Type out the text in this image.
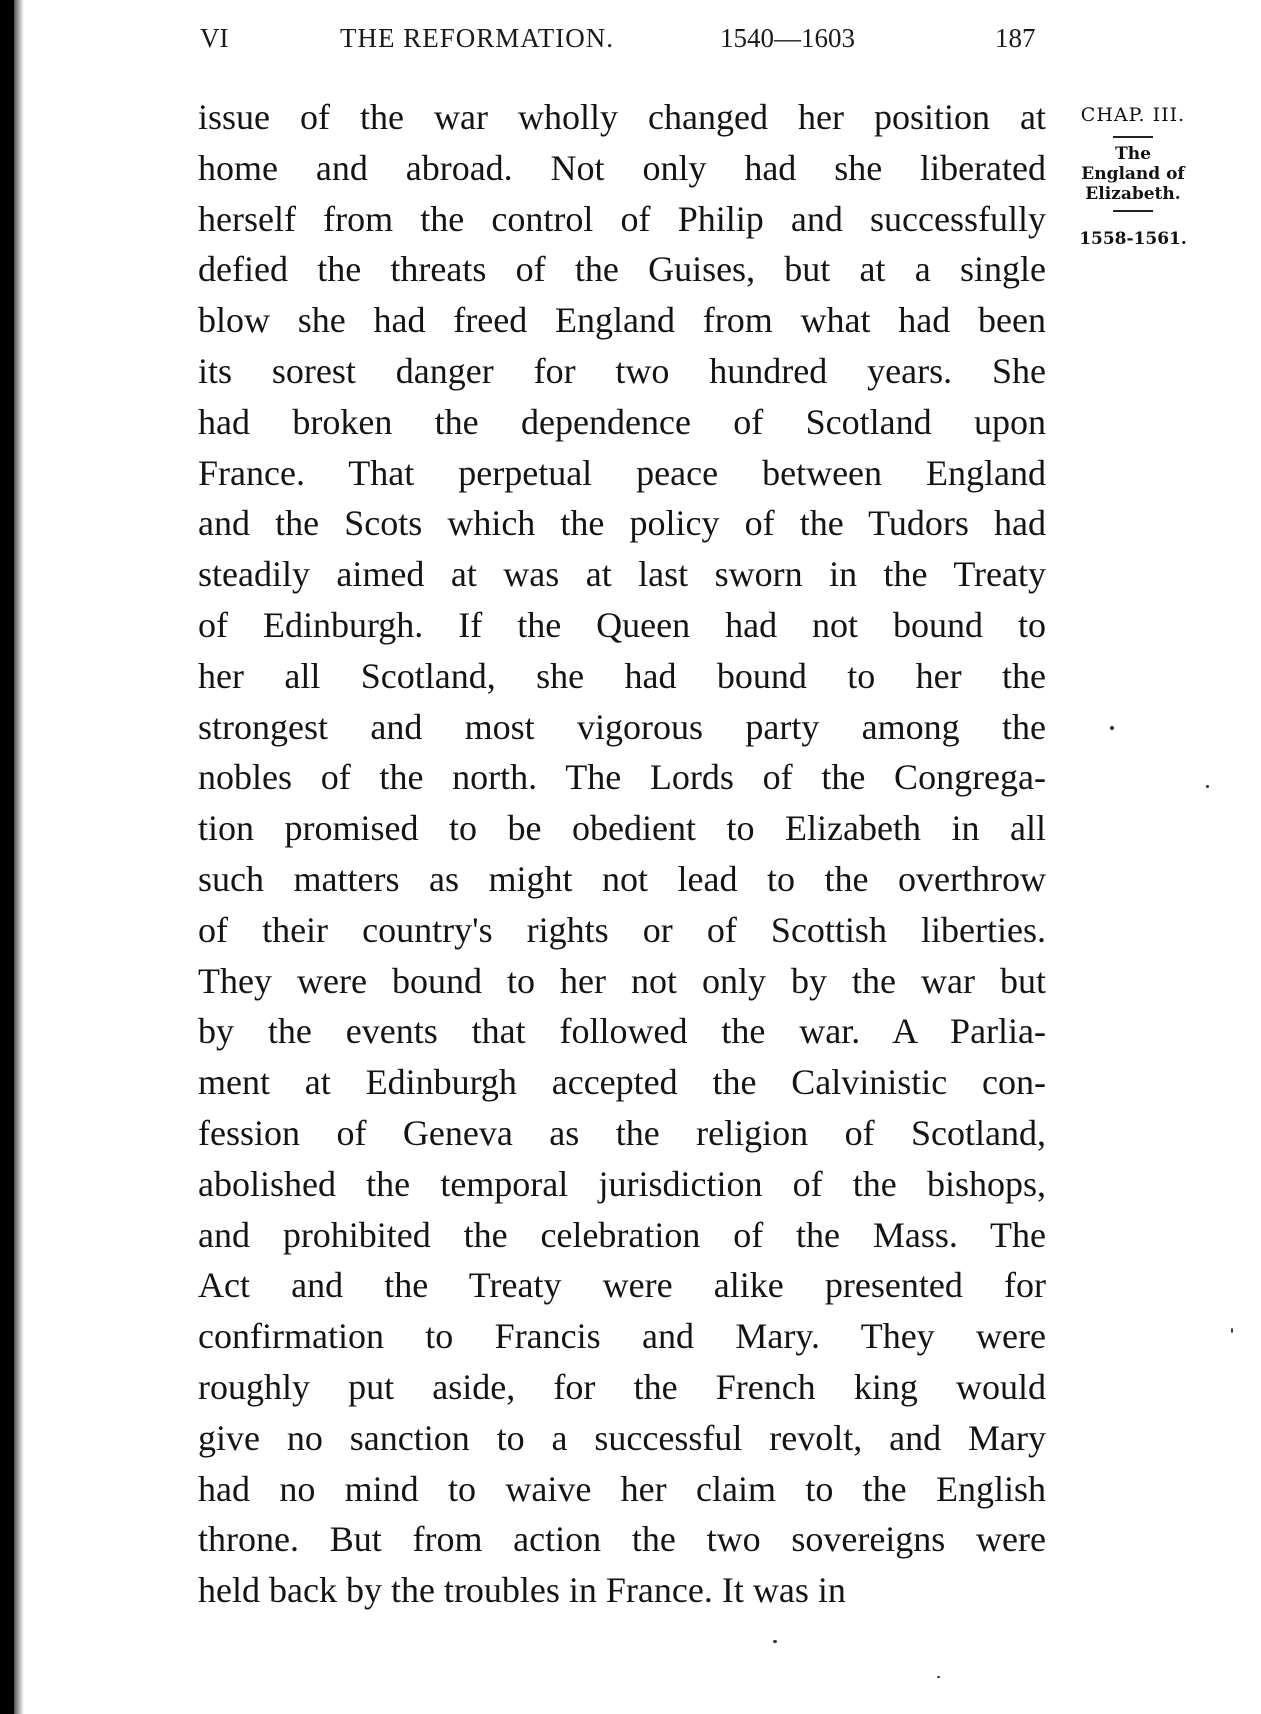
VI	THE REFORMATION.	1540—1603	187
issue of the war wholly changed her position at
home and abroad. Not only had she liberated
herself from the control of Philip and successfully
defied the threats of the Guises, but at a single
blow she had freed England from what had been
its sorest danger for two hundred years. She
had broken the dependence of Scotland upon
France. That perpetual peace between England
and the Scots which the policy of the Tudors had
steadily aimed at was at last sworn in the Treaty
of Edinburgh. If the Queen had not bound to
her all Scotland, she had bound to her the
strongest and most vigorous party among the
nobles of the north. The Lords of the Congrega-
tion promised to be obedient to Elizabeth in all
such matters as might not lead to the overthrow
of their country's rights or of Scottish liberties.
They were bound to her not only by the war but
by the events that followed the war. A Parlia-
ment at Edinburgh accepted the Calvinistic con-
fession of Geneva as the religion of Scotland,
abolished the temporal jurisdiction of the bishops,
and prohibited the celebration of the Mass. The
Act and the Treaty were alike presented for
confirmation to Francis and Mary. They were
roughly put aside, for the French king would
give no sanction to a successful revolt, and Mary
had no mind to waive her claim to the English
throne. But from action the two sovereigns were
held back by the troubles in France. It was in
CHAP. III.
The
England of
Elizabeth.
1558-1561.
